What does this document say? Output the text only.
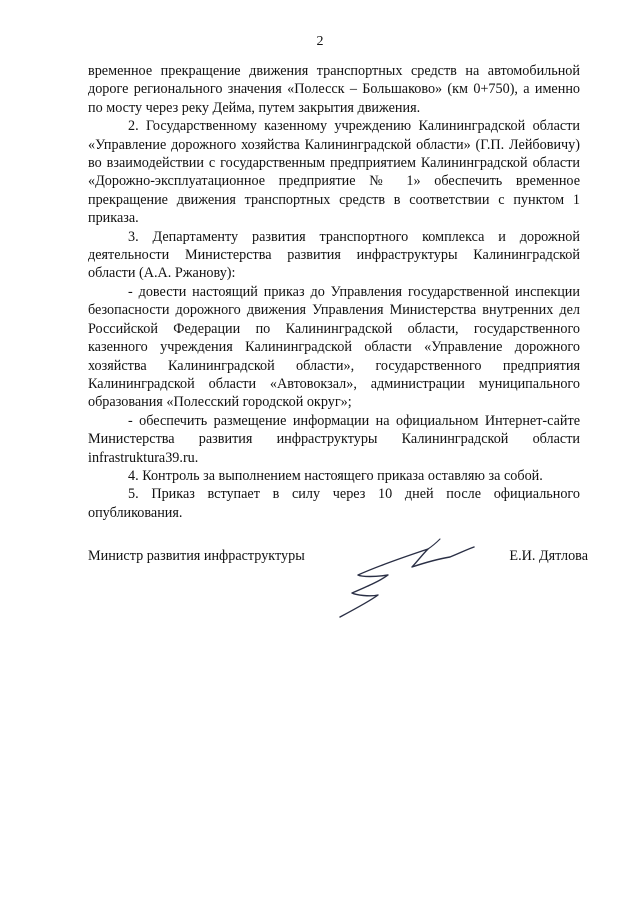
2

временное прекращение движения транспортных средств на автомобильной дороге регионального значения «Полесск – Большаково» (км 0+750), а именно по мосту через реку Дейма, путем закрытия движения.

2. Государственному казенному учреждению Калининградской области «Управление дорожного хозяйства Калининградской области» (Г.П. Лейбовичу) во взаимодействии с государственным предприятием Калининградской области «Дорожно-эксплуатационное предприятие № 1» обеспечить временное прекращение движения транспортных средств в соответствии с пунктом 1 приказа.

3. Департаменту развития транспортного комплекса и дорожной деятельности Министерства развития инфраструктуры Калининградской области (А.А. Ржанову):

- довести настоящий приказ до Управления государственной инспекции безопасности дорожного движения Управления Министерства внутренних дел Российской Федерации по Калининградской области, государственного казенного учреждения Калининградской области «Управление дорожного хозяйства Калининградской области», государственного предприятия Калининградской области «Автовокзал», администрации муниципального образования «Полесский городской округ»;

- обеспечить размещение информации на официальном Интернет-сайте Министерства развития инфраструктуры Калининградской области infrastruktura39.ru.

4. Контроль за выполнением настоящего приказа оставляю за собой.

5. Приказ вступает в силу через 10 дней после официального опубликования.

Министр развития инфраструктуры	Е.И. Дятлова
